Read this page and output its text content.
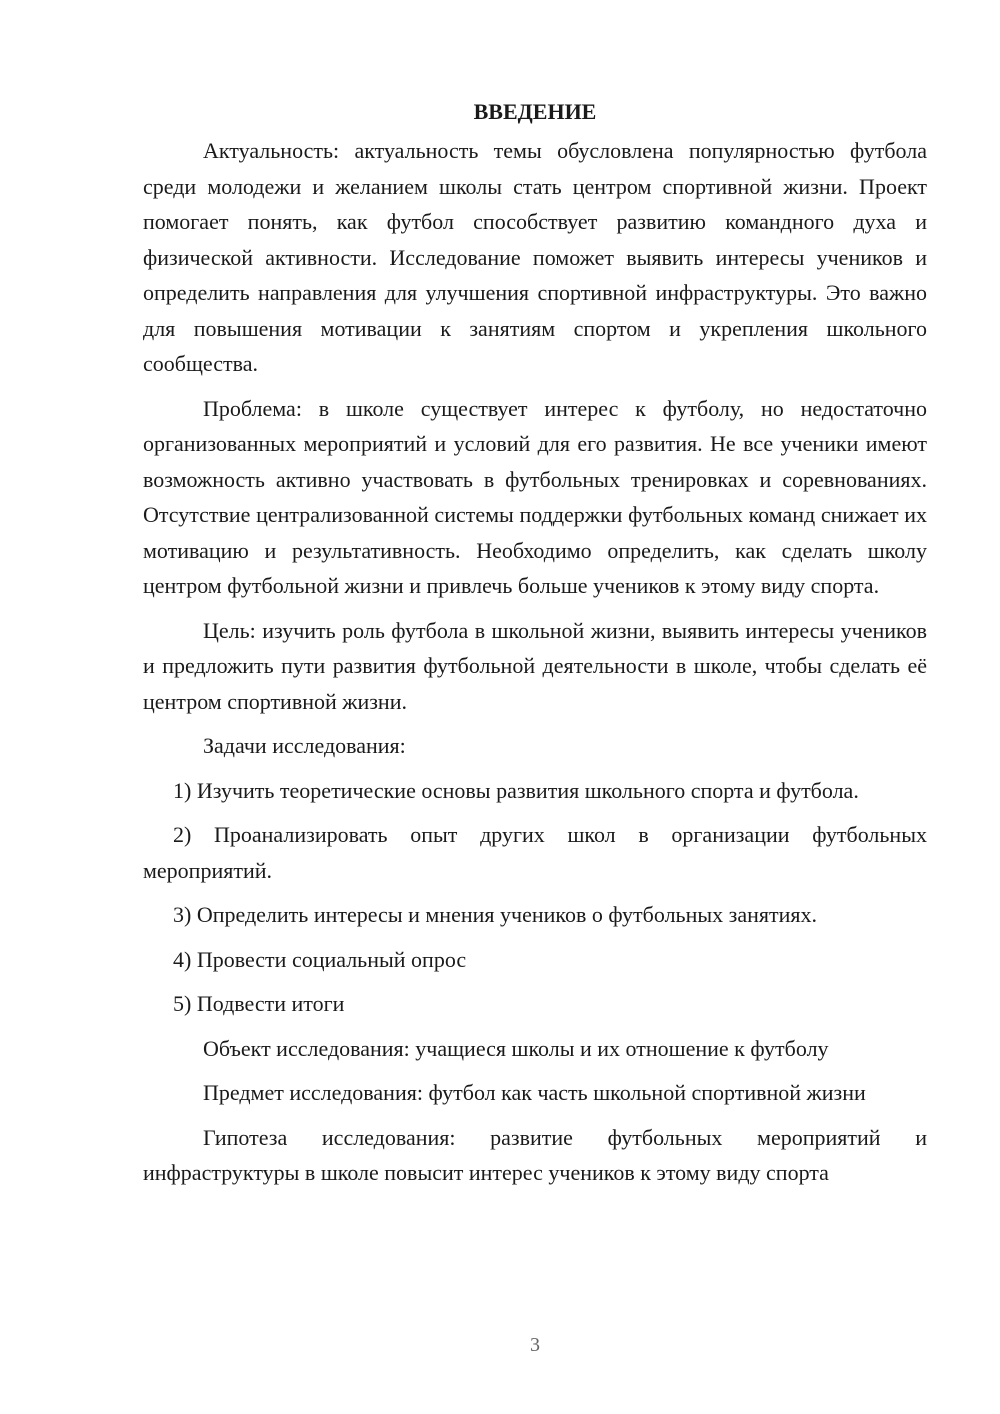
ВВЕДЕНИЕ
Актуальность: актуальность темы обусловлена популярностью футбола среди молодежи и желанием школы стать центром спортивной жизни. Проект помогает понять, как футбол способствует развитию командного духа и физической активности. Исследование поможет выявить интересы учеников и определить направления для улучшения спортивной инфраструктуры. Это важно для повышения мотивации к занятиям спортом и укрепления школьного сообщества.
Проблема: в школе существует интерес к футболу, но недостаточно организованных мероприятий и условий для его развития. Не все ученики имеют возможность активно участвовать в футбольных тренировках и соревнованиях. Отсутствие централизованной системы поддержки футбольных команд снижает их мотивацию и результативность. Необходимо определить, как сделать школу центром футбольной жизни и привлечь больше учеников к этому виду спорта.
Цель: изучить роль футбола в школьной жизни, выявить интересы учеников и предложить пути развития футбольной деятельности в школе, чтобы сделать её центром спортивной жизни.
Задачи исследования:
1) Изучить теоретические основы развития школьного спорта и футбола.
2) Проанализировать опыт других школ в организации футбольных мероприятий.
3) Определить интересы и мнения учеников о футбольных занятиях.
4) Провести социальный опрос
5) Подвести итоги
Объект исследования: учащиеся школы и их отношение к футболу
Предмет исследования: футбол как часть школьной спортивной жизни
Гипотеза исследования: развитие футбольных мероприятий и инфраструктуры в школе повысит интерес учеников к этому виду спорта
3
